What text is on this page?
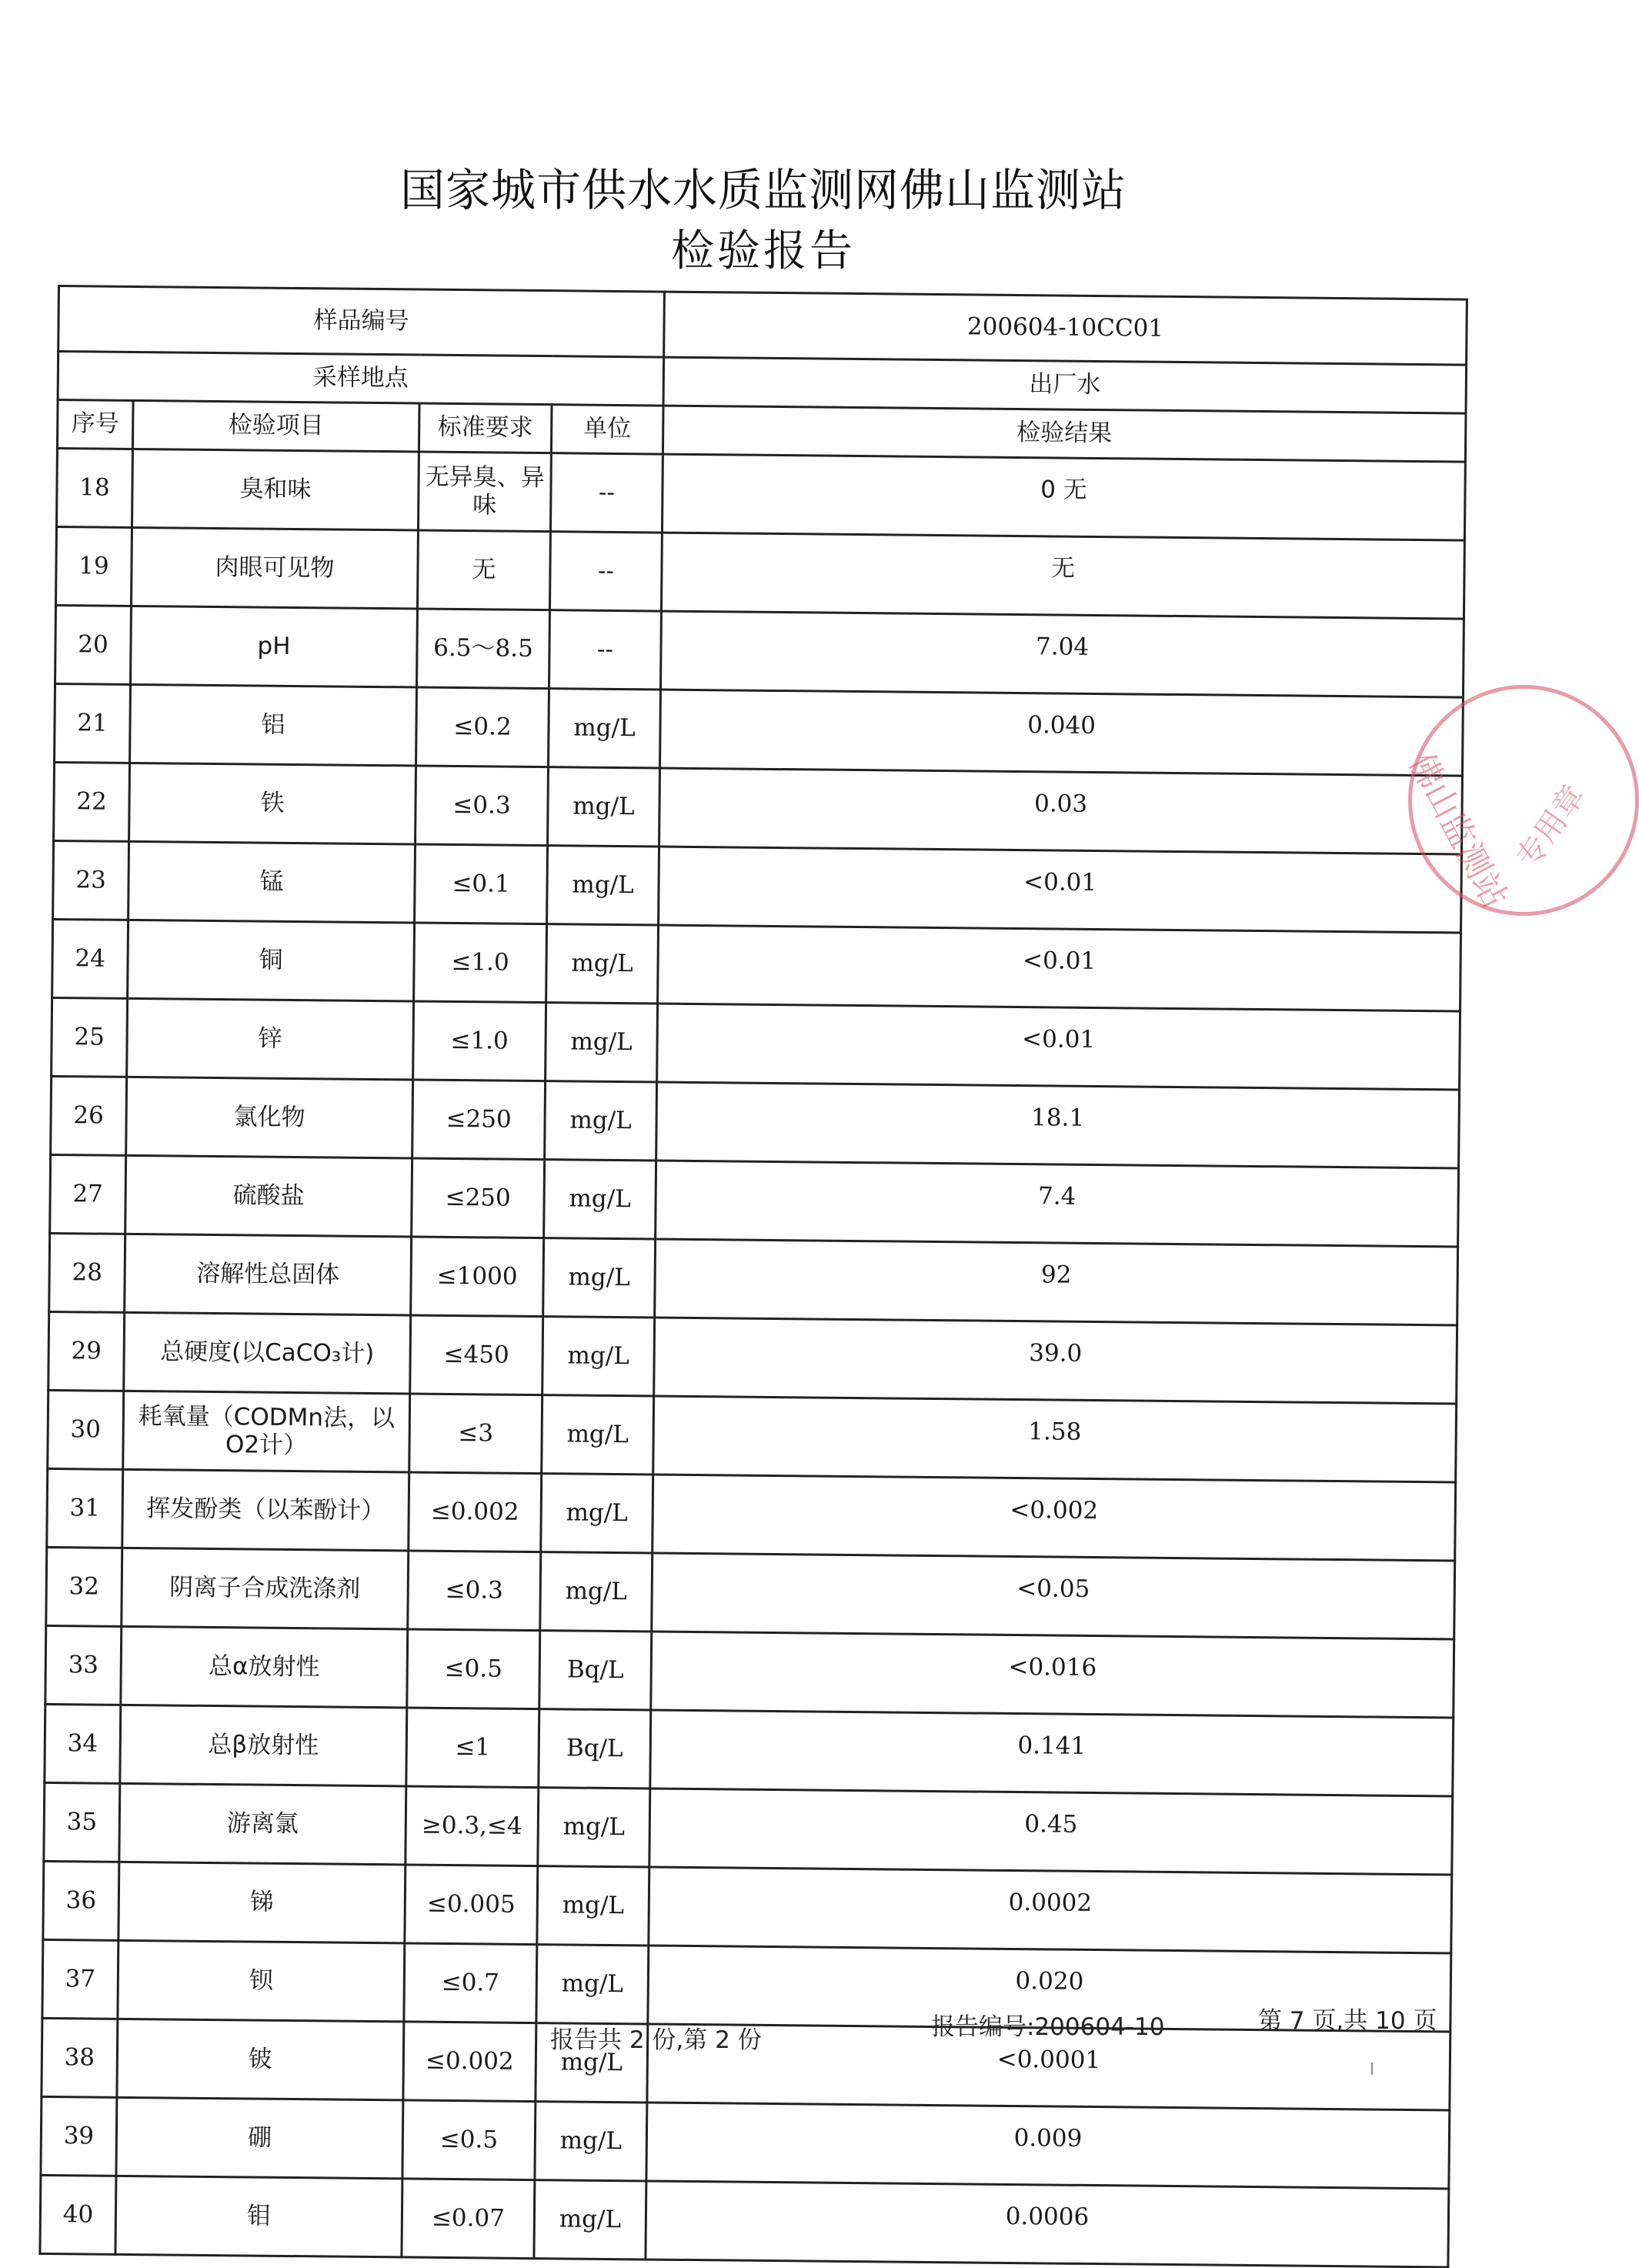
国家城市供水水质监测网佛山监测站
检验报告
样品编号				200604-10CC01
采样地点				出厂水
序号	检验项目	标准要求	单位	检验结果
18	臭和味	无异臭、异味	--	0 无
19	肉眼可见物	无	--	无
20	pH	6.5～8.5	--	7.04
21	铝	≤0.2	mg/L	0.040
22	铁	≤0.3	mg/L	0.03
23	锰	≤0.1	mg/L	<0.01
24	铜	≤1.0	mg/L	<0.01
25	锌	≤1.0	mg/L	<0.01
26	氯化物	≤250	mg/L	18.1
27	硫酸盐	≤250	mg/L	7.4
28	溶解性总固体	≤1000	mg/L	92
29	总硬度(以CaCO₃计)	≤450	mg/L	39.0
30	耗氧量（CODMn法，以O2计）	≤3	mg/L	1.58
31	挥发酚类（以苯酚计）	≤0.002	mg/L	<0.002
32	阴离子合成洗涤剂	≤0.3	mg/L	<0.05
33	总α放射性	≤0.5	Bq/L	<0.016
34	总β放射性	≤1	Bq/L	0.141
35	游离氯	≥0.3,≤4	mg/L	0.45
36	锑	≤0.005	mg/L	0.0002
37	钡	≤0.7	mg/L	0.020
38	铍	≤0.002	mg/L	<0.0001
39	硼	≤0.5	mg/L	0.009
40	钼	≤0.07	mg/L	0.0006
佛山监测站
专用章
报告共 2 份,第 2 份	报告编号:200604-10	第 7 页,共 10 页
